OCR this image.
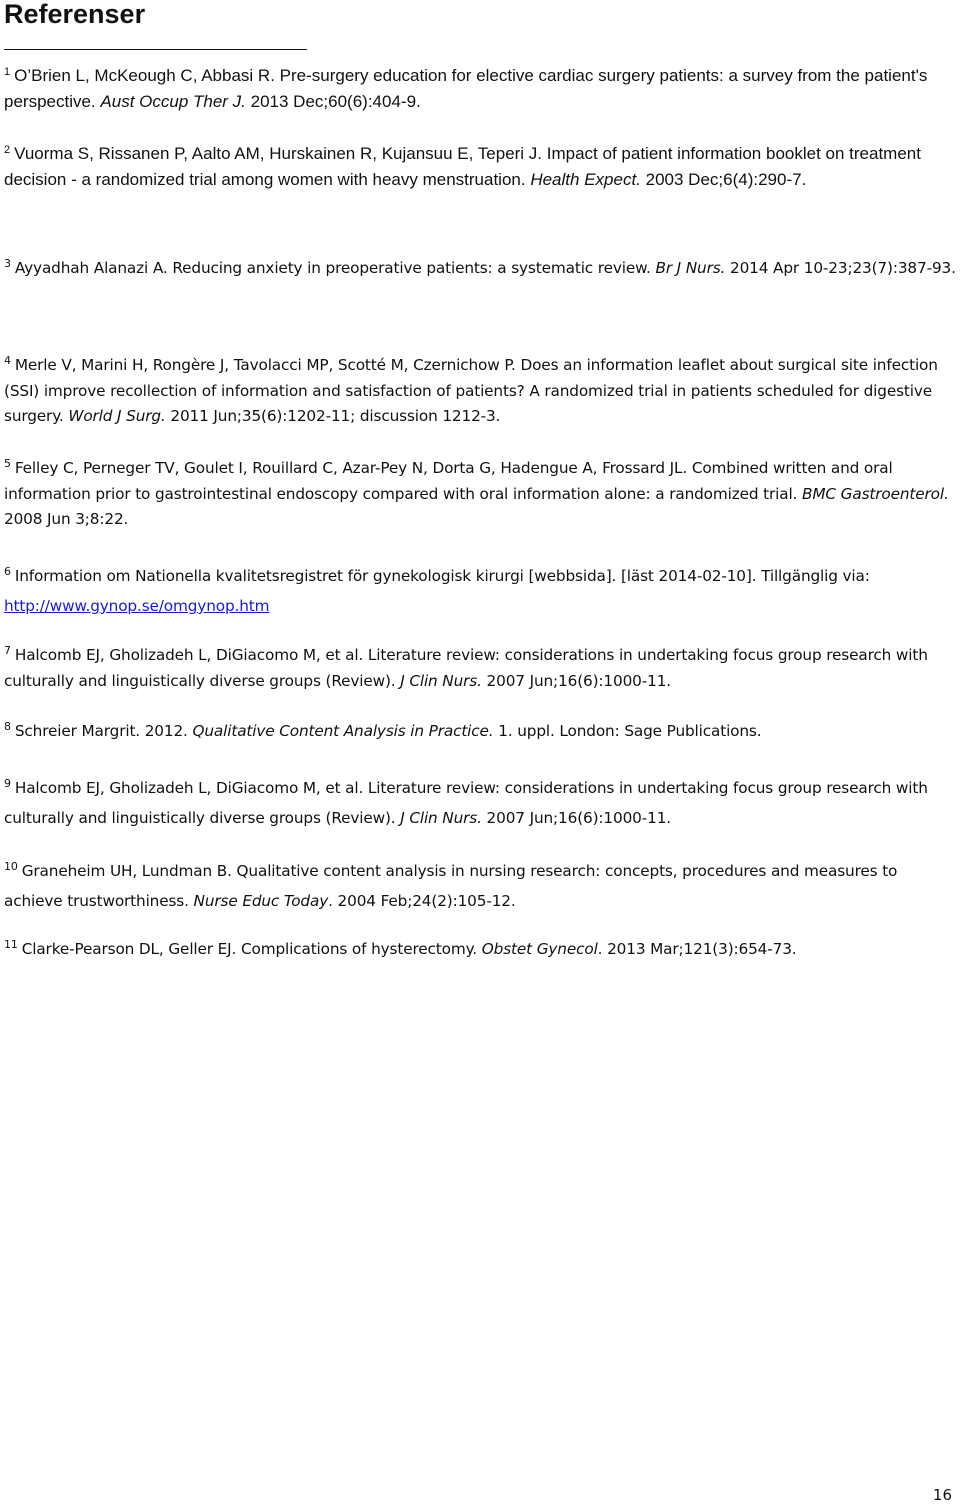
Referenser

$^1$ O’Brien L, McKeough C, Abbasi R. Pre-surgery education for elective cardiac surgery patients: a survey from the patient's perspective. Aust Occup Ther J. 2013 Dec;60(6):404-9.

$^2$ Vuorma S, Rissanen P, Aalto AM, Hurskainen R, Kujansuu E, Teperi J. Impact of patient information booklet on treatment decision - a randomized trial among women with heavy menstruation. Health Expect. 2003 Dec;6(4):290-7.

$^3$ Ayyadhah Alanazi A. Reducing anxiety in preoperative patients: a systematic review. Br J Nurs. 2014 Apr 10-23;23(7):387-93.

$^4$ Merle V, Marini H, Rongère J, Tavolacci MP, Scotté M, Czernichow P. Does an information leaflet about surgical site infection (SSI) improve recollection of information and satisfaction of patients? A randomized trial in patients scheduled for digestive surgery. World J Surg. 2011 Jun;35(6):1202-11; discussion 1212-3.

$^5$ Felley C, Perneger TV, Goulet I, Rouillard C, Azar-Pey N, Dorta G, Hadengue A, Frossard JL. Combined written and oral information prior to gastrointestinal endoscopy compared with oral information alone: a randomized trial. BMC Gastroenterol. 2008 Jun 3;8:22.

$^6$ Information om Nationella kvalitetsregistret för gynekologisk kirurgi [webbsida]. [läst 2014-02-10]. Tillgänglig via: http://www.gynop.se/omgynop.htm

$^7$ Halcomb EJ, Gholizadeh L, DiGiacomo M, et al. Literature review: considerations in undertaking focus group research with culturally and linguistically diverse groups (Review). J Clin Nurs. 2007 Jun;16(6):1000-11.

$^8$ Schreier Margrit. 2012. Qualitative Content Analysis in Practice. 1. uppl. London: Sage Publications.

$^9$ Halcomb EJ, Gholizadeh L, DiGiacomo M, et al. Literature review: considerations in undertaking focus group research with culturally and linguistically diverse groups (Review). J Clin Nurs. 2007 Jun;16(6):1000-11.

$^{10}$ Graneheim UH, Lundman B. Qualitative content analysis in nursing research: concepts, procedures and measures to achieve trustworthiness. Nurse Educ Today. 2004 Feb;24(2):105-12.

$^{11}$ Clarke-Pearson DL, Geller EJ. Complications of hysterectomy. Obstet Gynecol. 2013 Mar;121(3):654-73.

16
